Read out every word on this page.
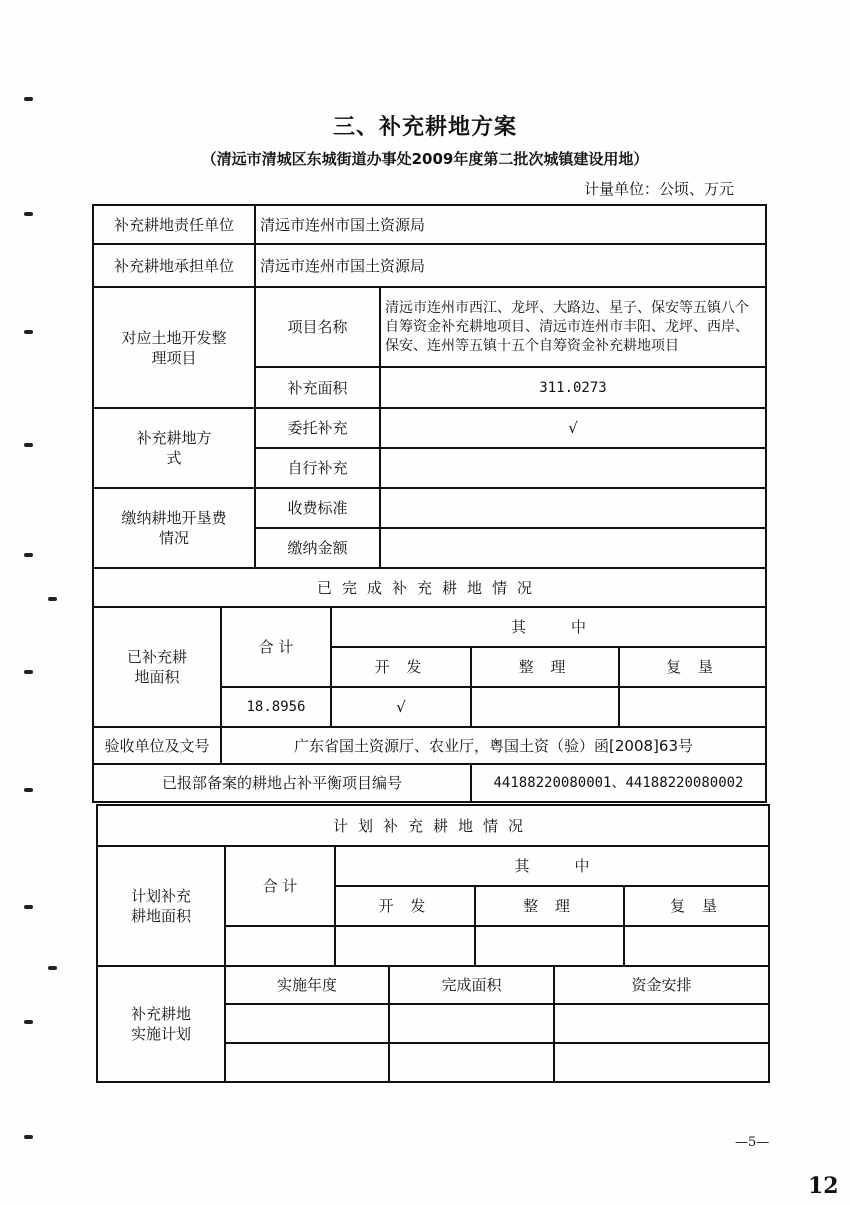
三、补充耕地方案
（清远市清城区东城街道办事处2009年度第二批次城镇建设用地）
计量单位：公顷、万元
补充耕地责任单位	清远市连州市国土资源局	
补充耕地承担单位	清远市连州市国土资源局	
对应土地开发整理项目	项目名称	清远市连州市西江、龙坪、大路边、星子、保安等五镇八个自筹资金补充耕地项目、清远市连州市丰阳、龙坪、西岸、保安、连州等五镇十五个自筹资金补充耕地项目
	补充面积	311.0273
补充耕地方式	委托补充	√
	自行补充	
缴纳耕地开垦费情况	收费标准	
	缴纳金额	
已完成补充耕地情况				
已补充耕地面积	合 计	其　　　中		
		开 发	整 理	复 垦
	18.8956	√		
验收单位及文号	广东省国土资源厅、农业厅，粤国土资（验）函[2008]63号			
已报部备案的耕地占补平衡项目编号			44188220080001、44188220080002	
计划补充耕地情况						
计划补充耕地面积	合 计	其　　　中				
		开 发		整 理		复 垦

补充耕地实施计划	实施年度		完成面积		资金安排	

—5—
12
